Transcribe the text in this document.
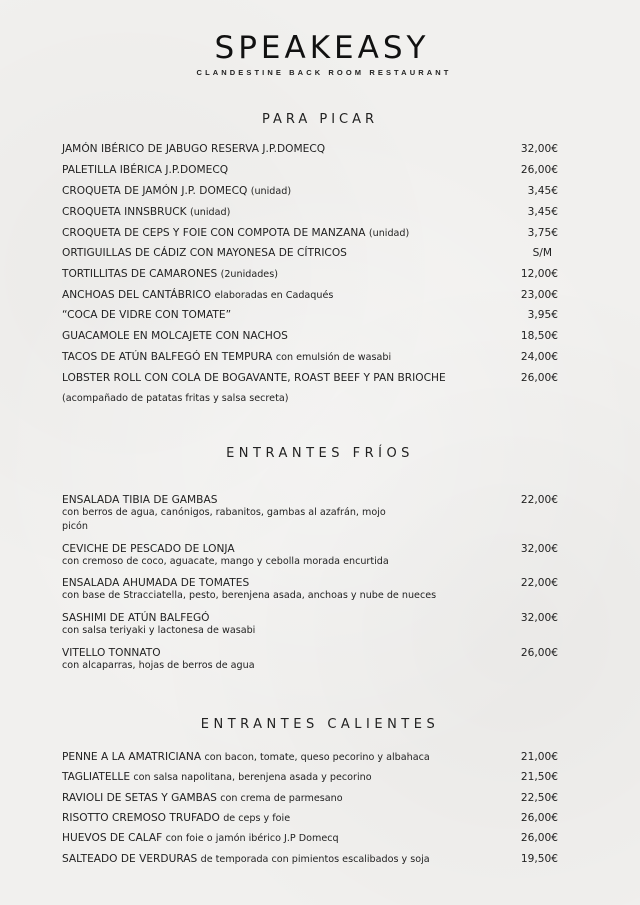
SPEAKEASY
CLANDESTINE BACK ROOM RESTAURANT
PARA PICAR
JAMÓN IBÉRICO DE JABUGO RESERVA J.P.DOMECQ	32,00€
PALETILLA IBÉRICA J.P.DOMECQ	26,00€
CROQUETA DE JAMÓN J.P. DOMECQ (unidad)	3,45€
CROQUETA INNSBRUCK (unidad)	3,45€
CROQUETA DE CEPS Y FOIE CON COMPOTA DE MANZANA (unidad)	3,75€
ORTIGUILLAS DE CÁDIZ CON MAYONESA DE CÍTRICOS	S/M
TORTILLITAS DE CAMARONES (2unidades)	12,00€
ANCHOAS DEL CANTÁBRICO elaboradas en Cadaqués	23,00€
“COCA DE VIDRE CON TOMATE”	3,95€
GUACAMOLE EN MOLCAJETE CON NACHOS	18,50€
TACOS DE ATÚN BALFEGÓ EN TEMPURA con emulsión de wasabi	24,00€
LOBSTER ROLL CON COLA DE BOGAVANTE, ROAST BEEF Y PAN BRIOCHE	26,00€
(acompañado de patatas fritas y salsa secreta)
ENTRANTES FRÍOS
ENSALADA TIBIA DE GAMBAS	22,00€
con berros de agua, canónigos, rabanitos, gambas al azafrán, mojo
picón
CEVICHE DE PESCADO DE LONJA	32,00€
con cremoso de coco, aguacate, mango y cebolla morada encurtida
ENSALADA AHUMADA DE TOMATES	22,00€
con base de Stracciatella, pesto, berenjena asada, anchoas y nube de nueces
SASHIMI DE ATÚN BALFEGÓ	32,00€
con salsa teriyaki y lactonesa de wasabi
VITELLO TONNATO	26,00€
con alcaparras, hojas de berros de agua
ENTRANTES CALIENTES
PENNE A LA AMATRICIANA con bacon, tomate, queso pecorino y albahaca	21,00€
TAGLIATELLE con salsa napolitana, berenjena asada y pecorino	21,50€
RAVIOLI DE SETAS Y GAMBAS con crema de parmesano	22,50€
RISOTTO CREMOSO TRUFADO de ceps y foie	26,00€
HUEVOS DE CALAF con foie o jamón ibérico J.P Domecq	26,00€
SALTEADO DE VERDURAS de temporada con pimientos escalibados y soja	19,50€
